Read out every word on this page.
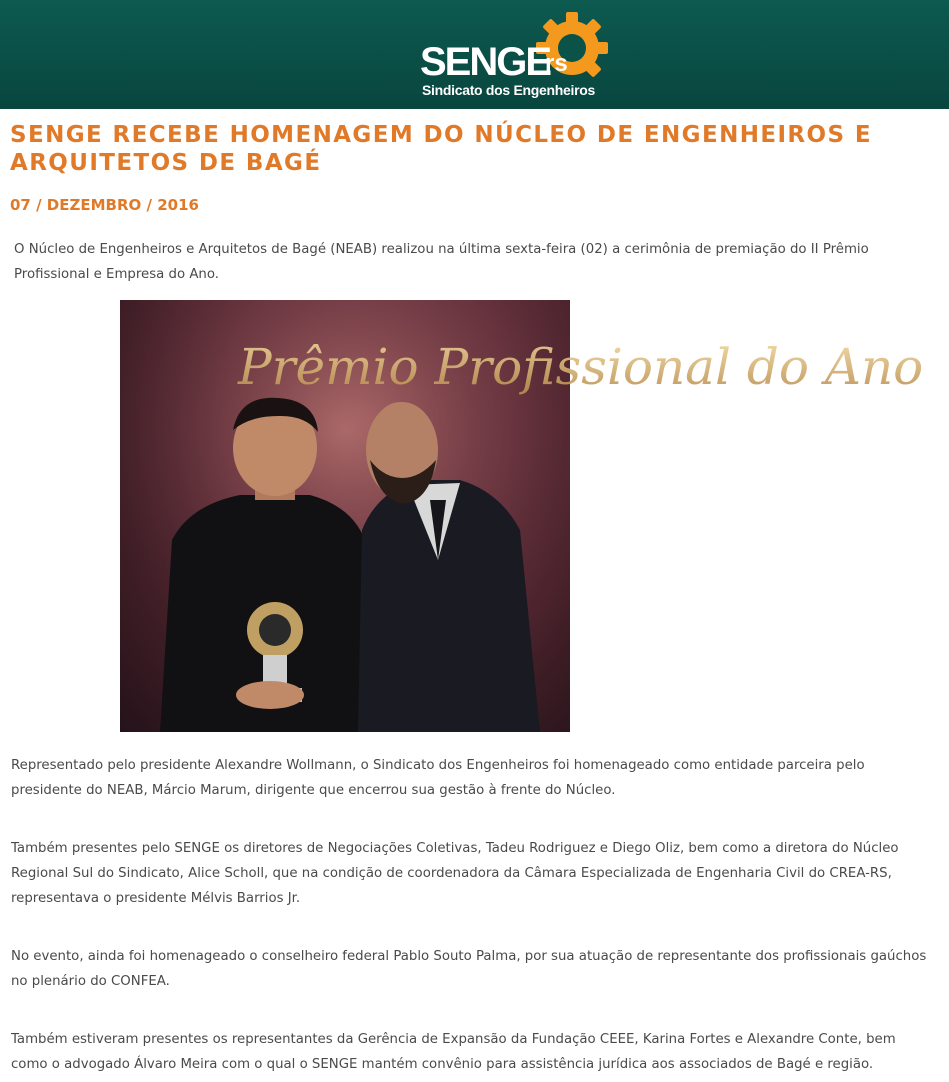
SENGE
rs
Sindicato dos Engenheiros
SENGE RECEBE HOMENAGEM DO NÚCLEO DE ENGENHEIROS E ARQUITETOS DE BAGÉ
07 / DEZEMBRO / 2016

O Núcleo de Engenheiros e Arquitetos de Bagé (NEAB) realizou na última sexta-feira (02) a cerimônia de premiação do II Prêmio Profissional e Empresa do Ano.

Prêmio Profissional do Ano

Representado pelo presidente Alexandre Wollmann, o Sindicato dos Engenheiros foi homenageado como entidade parceira pelo presidente do NEAB, Márcio Marum, dirigente que encerrou sua gestão à frente do Núcleo.

Também presentes pelo SENGE os diretores de Negociações Coletivas, Tadeu Rodriguez e Diego Oliz, bem como a diretora do Núcleo Regional Sul do Sindicato, Alice Scholl, que na condição de coordenadora da Câmara Especializada de Engenharia Civil do CREA-RS, representava o presidente Mélvis Barrios Jr.

No evento, ainda foi homenageado o conselheiro federal Pablo Souto Palma, por sua atuação de representante dos profissionais gaúchos no plenário do CONFEA.

Também estiveram presentes os representantes da Gerência de Expansão da Fundação CEEE, Karina Fortes e Alexandre Conte, bem como o advogado Álvaro Meira com o qual o SENGE mantém convênio para assistência jurídica aos associados de Bagé e região.
